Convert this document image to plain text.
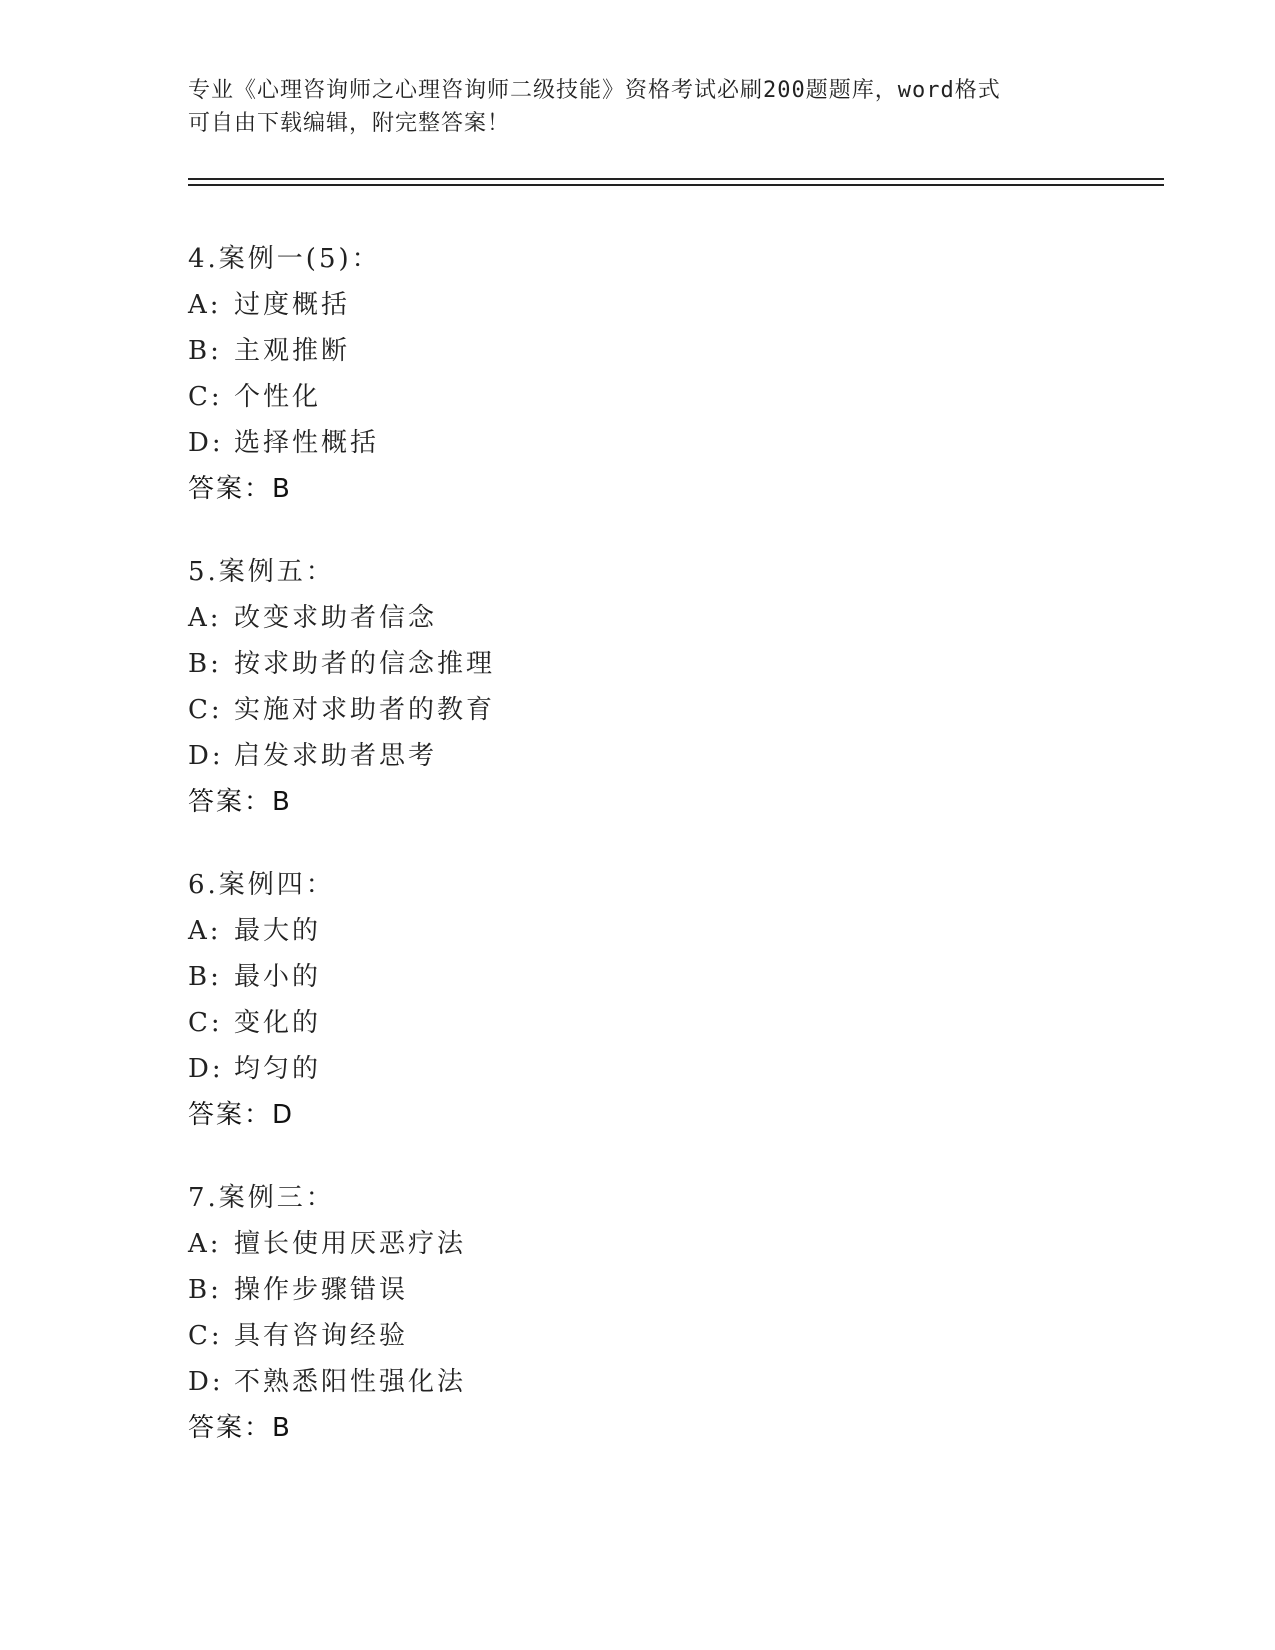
专业《心理咨询师之心理咨询师二级技能》资格考试必刷200题题库，word格式
可自由下载编辑，附完整答案！
4.案例一(5)：
A: 过度概括
B: 主观推断
C: 个性化
D: 选择性概括
答案：B
5.案例五：
A: 改变求助者信念
B: 按求助者的信念推理
C: 实施对求助者的教育
D: 启发求助者思考
答案：B
6.案例四：
A: 最大的
B: 最小的
C: 变化的
D: 均匀的
答案：D
7.案例三：
A: 擅长使用厌恶疗法
B: 操作步骤错误
C: 具有咨询经验
D: 不熟悉阳性强化法
答案：B
